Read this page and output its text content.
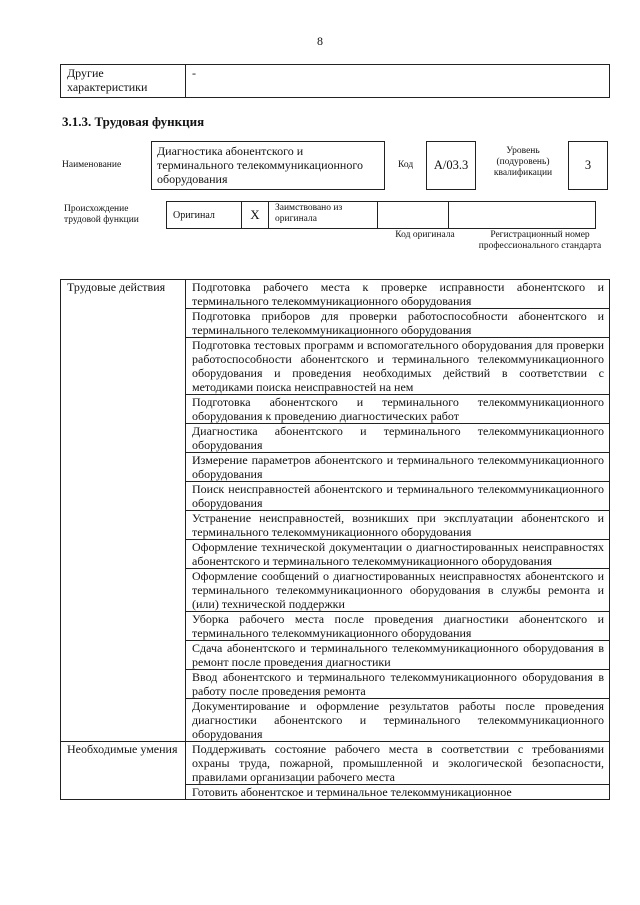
8
Другие характеристики	-
3.1.3. Трудовая функция
Наименование
Диагностика абонентского и терминального телекоммуникационного оборудования
Код	A/03.3
Уровень (подуровень) квалификации
3
Происхождение трудовой функции	Оригинал	X	Заимствовано из оригинала		
Код оригинала	Регистрационный номер профессионального стандарта
Трудовые действия	Подготовка рабочего места к проверке исправности абонентского и терминального телекоммуникационного оборудования
	Подготовка приборов для проверки работоспособности абонентского и терминального телекоммуникационного оборудования
	Подготовка тестовых программ и вспомогательного оборудования для проверки работоспособности абонентского и терминального телекоммуникационного оборудования и проведения необходимых действий в соответствии с методиками поиска неисправностей на нем
	Подготовка абонентского и терминального телекоммуникационного оборудования к проведению диагностических работ
	Диагностика абонентского и терминального телекоммуникационного оборудования
	Измерение параметров абонентского и терминального телекоммуникационного оборудования
	Поиск неисправностей абонентского и терминального телекоммуникационного оборудования
	Устранение неисправностей, возникших при эксплуатации абонентского и терминального телекоммуникационного оборудования
	Оформление технической документации о диагностированных неисправностях абонентского и терминального телекоммуникационного оборудования
	Оформление сообщений о диагностированных неисправностях абонентского и терминального телекоммуникационного оборудования в службы ремонта и (или) технической поддержки
	Уборка рабочего места после проведения диагностики абонентского и терминального телекоммуникационного оборудования
	Сдача абонентского и терминального телекоммуникационного оборудования в ремонт после проведения диагностики
	Ввод абонентского и терминального телекоммуникационного оборудования в работу после проведения ремонта
	Документирование и оформление результатов работы после проведения диагностики абонентского и терминального телекоммуникационного оборудования
Необходимые умения	Поддерживать состояние рабочего места в соответствии с требованиями охраны труда, пожарной, промышленной и экологической безопасности, правилами организации рабочего места
	Готовить абонентское и терминальное телекоммуникационное
